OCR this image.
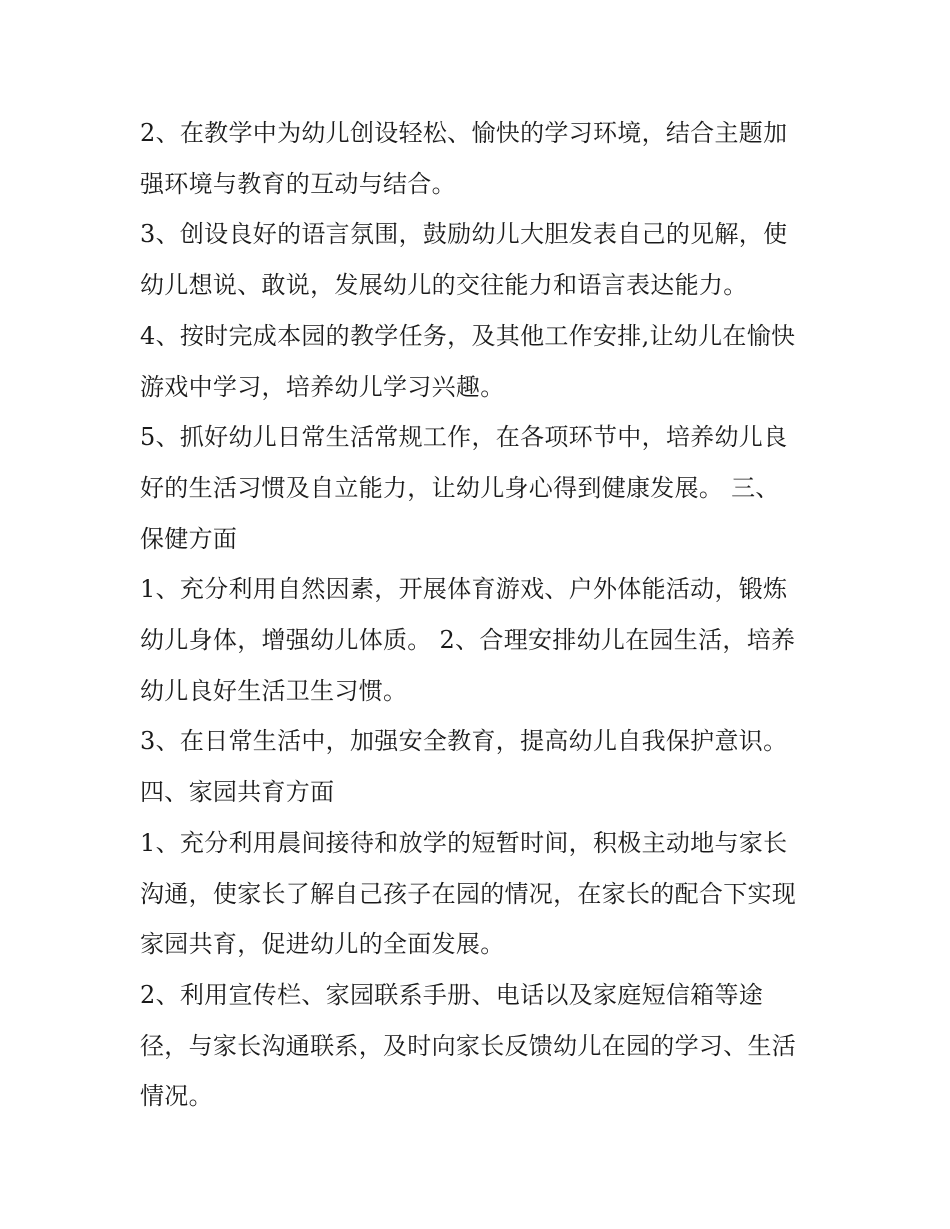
2、在教学中为幼儿创设轻松、愉快的学习环境，结合主题加
强环境与教育的互动与结合。
3、创设良好的语言氛围，鼓励幼儿大胆发表自己的见解，使
幼儿想说、敢说，发展幼儿的交往能力和语言表达能力。
4、按时完成本园的教学任务，及其他工作安排,让幼儿在愉快
游戏中学习，培养幼儿学习兴趣。
5、抓好幼儿日常生活常规工作，在各项环节中，培养幼儿良
好的生活习惯及自立能力，让幼儿身心得到健康发展。 三、
保健方面
1、充分利用自然因素，开展体育游戏、户外体能活动，锻炼
幼儿身体，增强幼儿体质。 2、合理安排幼儿在园生活，培养
幼儿良好生活卫生习惯。
3、在日常生活中，加强安全教育，提高幼儿自我保护意识。
四、家园共育方面
1、充分利用晨间接待和放学的短暂时间，积极主动地与家长
沟通，使家长了解自己孩子在园的情况，在家长的配合下实现
家园共育，促进幼儿的全面发展。
2、利用宣传栏、家园联系手册、电话以及家庭短信箱等途
径，与家长沟通联系，及时向家长反馈幼儿在园的学习、生活
情况。
